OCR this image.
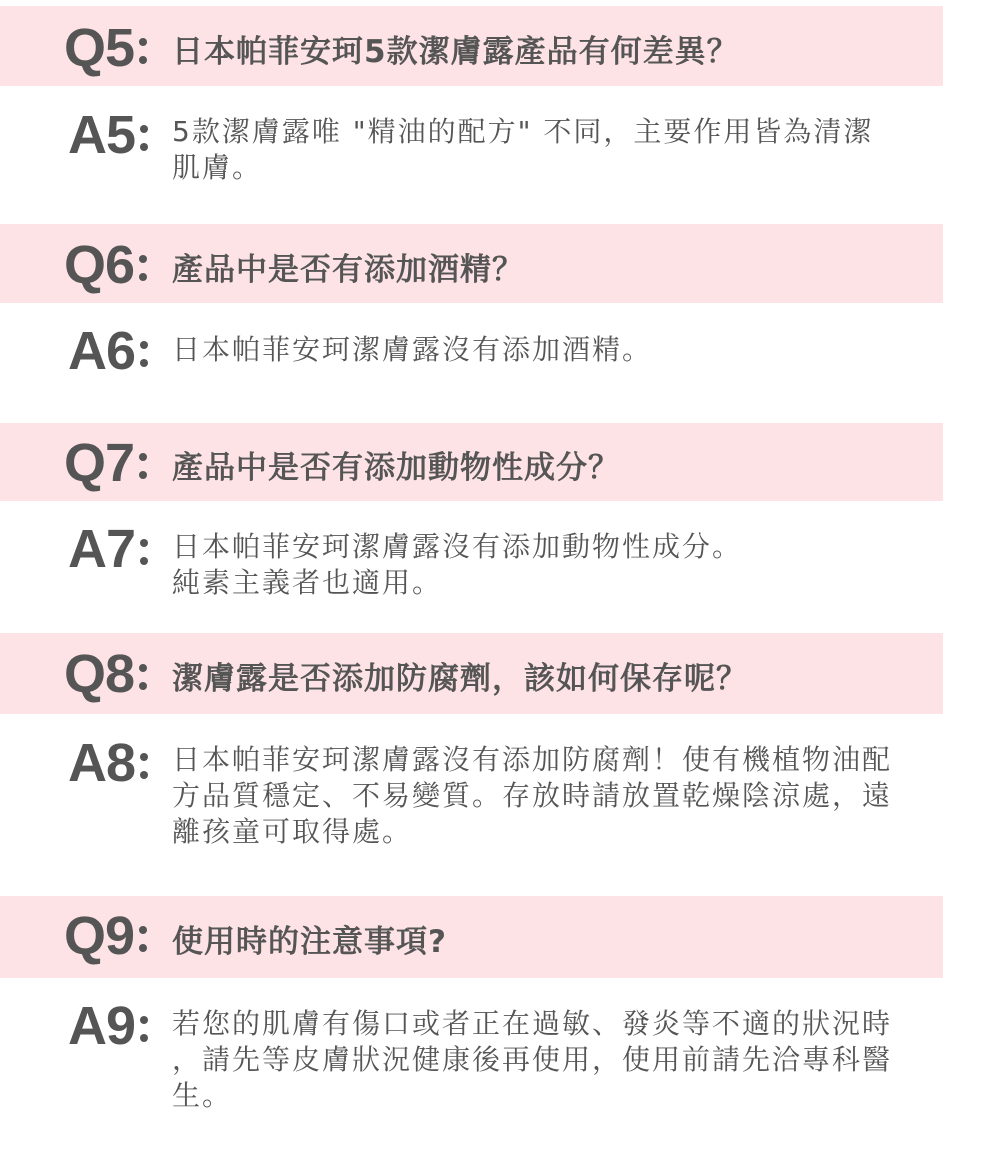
Q5	日本帕菲安珂5款潔膚露產品有何差異？
A5	5款潔膚露唯 "精油的配方" 不同，主要作用皆為清潔
肌膚。
Q6	產品中是否有添加酒精？
A6	日本帕菲安珂潔膚露沒有添加酒精。
Q7	產品中是否有添加動物性成分？
A7	日本帕菲安珂潔膚露沒有添加動物性成分。
純素主義者也適用。
Q8	潔膚露是否添加防腐劑，該如何保存呢？
A8	日本帕菲安珂潔膚露沒有添加防腐劑！使有機植物油配
方品質穩定、不易變質。存放時請放置乾燥陰涼處，遠
離孩童可取得處。
Q9	使用時的注意事項?
A9	若您的肌膚有傷口或者正在過敏、發炎等不適的狀況時
，請先等皮膚狀況健康後再使用，使用前請先洽專科醫
生。
